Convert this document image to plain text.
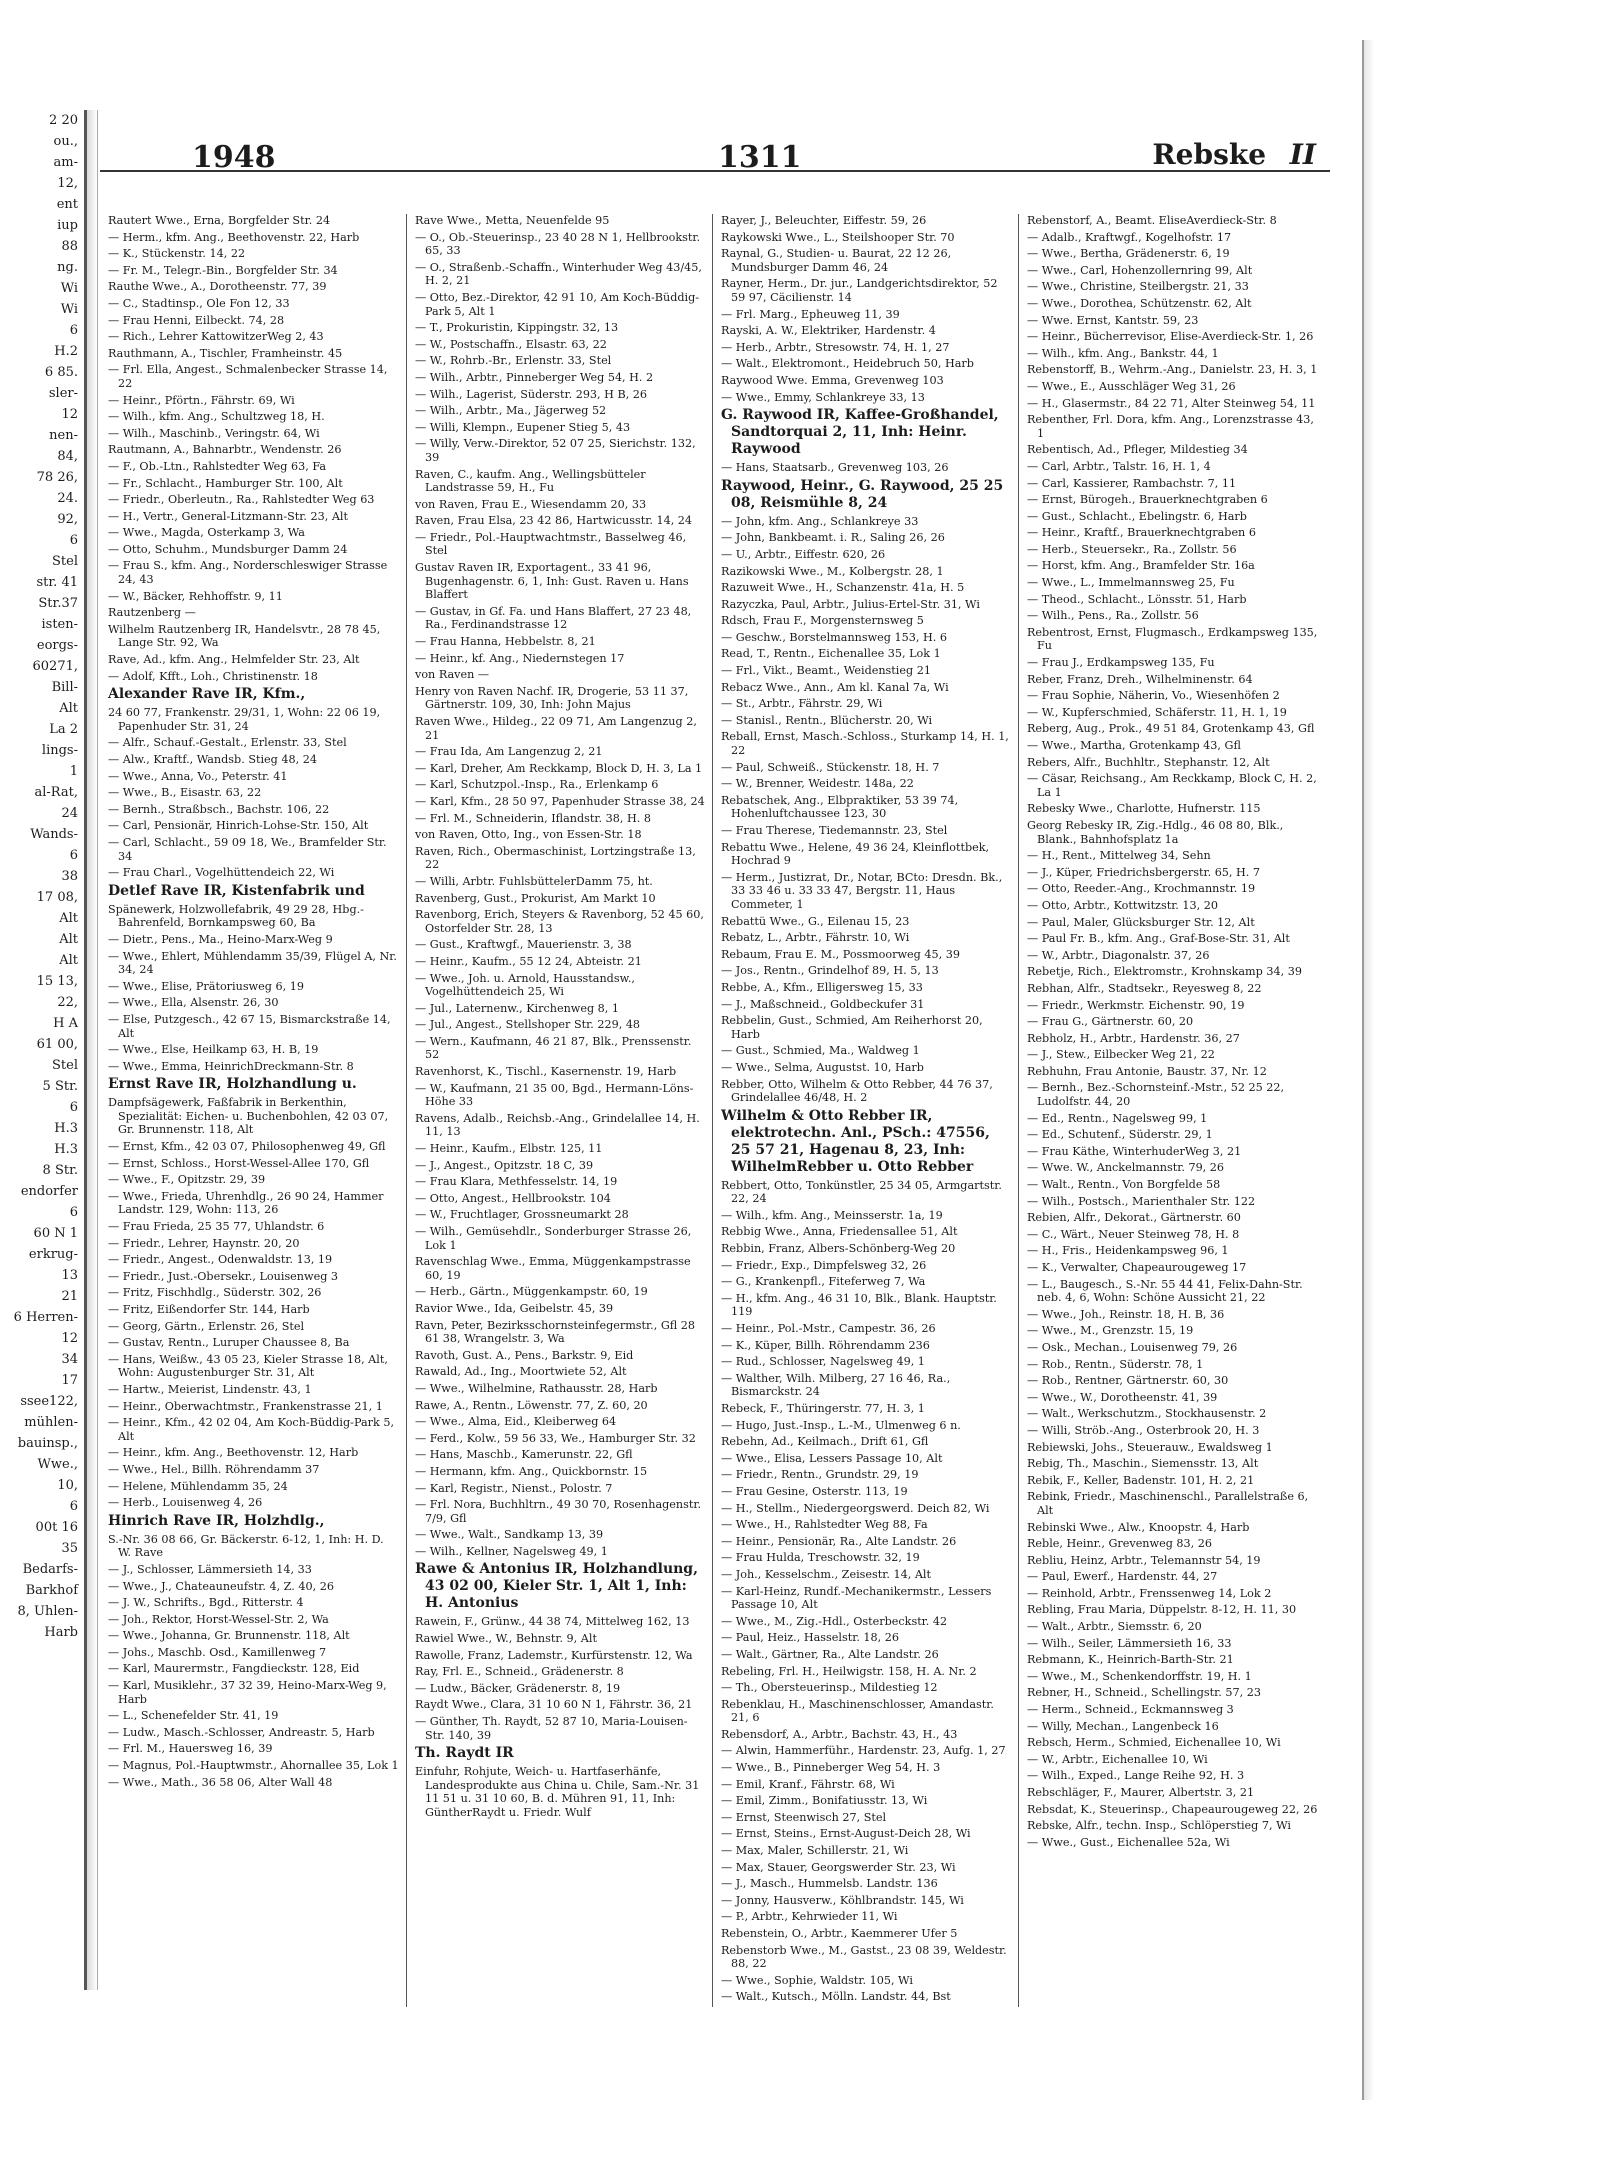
2 20
ou.,
am-
12,
ent
iup
88
ng.
Wi
Wi
6
H.2
6 85.
sler-
12
nen-
84,
78 26,
24.
92,
6
Stel
str. 41
Str.37
isten-
eorgs-
60271,
Bill-
Alt
La 2
lings-
1
al-Rat,
24
Wands-
6
38
17 08,
Alt
Alt
Alt
15 13,
22,
H A
61 00,
Stel
5 Str.
6
H.3
H.3
8 Str.
endorfer
6
60 N 1
erkrug-
13
21
6 Herren-
12
34
17
ssee122,
mühlen-
bauinsp.,
Wwe.,
10,
6
00t 16
35
Bedarfs-
Barkhof
8, Uhlen-
Harb
1948	1311	Rebske II
Rautert Wwe., Erna, Borgfelder Str. 24
— Herm., kfm. Ang., Beethovenstr. 22, Harb
— K., Stückenstr. 14, 22
— Fr. M., Telegr.-Bin., Borgfelder Str. 34
Rauthe Wwe., A., Dorotheenstr. 77, 39
— C., Stadtinsp., Ole Fon 12, 33
— Frau Henni, Eilbeckt. 74, 28
— Rich., Lehrer KattowitzerWeg 2, 43
Rauthmann, A., Tischler, Framheinstr. 45
— Frl. Ella, Angest., Schmalenbecker Strasse 14, 22
— Heinr., Pförtn., Fährstr. 69, Wi
— Wilh., kfm. Ang., Schultzweg 18, H.
— Wilh., Maschinb., Veringstr. 64, Wi
Rautmann, A., Bahnarbtr., Wendenstr. 26
— F., Ob.-Ltn., Rahlstedter Weg 63, Fa
— Fr., Schlacht., Hamburger Str. 100, Alt
— Friedr., Oberleutn., Ra., Rahlstedter Weg 63
— H., Vertr., General-Litzmann-Str. 23, Alt
— Wwe., Magda, Osterkamp 3, Wa
— Otto, Schuhm., Mundsburger Damm 24
— Frau S., kfm. Ang., Norderschleswiger Strasse 24, 43
— W., Bäcker, Rehhoffstr. 9, 11
Rautzenberg —
Wilhelm Rautzenberg IR, Handelsvtr., 28 78 45, Lange Str. 92, Wa
Rave, Ad., kfm. Ang., Helmfelder Str. 23, Alt
— Adolf, Kfft., Loh., Christinenstr. 18
Alexander Rave IR, Kfm.,
24 60 77, Frankenstr. 29/31, 1, Wohn: 22 06 19, Papenhuder Str. 31, 24
— Alfr., Schauf.-Gestalt., Erlenstr. 33, Stel
— Alw., Kraftf., Wandsb. Stieg 48, 24
— Wwe., Anna, Vo., Peterstr. 41
— Wwe., B., Eisastr. 63, 22
— Bernh., Straßbsch., Bachstr. 106, 22
— Carl, Pensionär, Hinrich-Lohse-Str. 150, Alt
— Carl, Schlacht., 59 09 18, We., Bramfelder Str. 34
— Frau Charl., Vogelhüttendeich 22, Wi
Detlef Rave IR, Kistenfabrik und
Spänewerk, Holzwollefabrik, 49 29 28, Hbg.-Bahrenfeld, Bornkampsweg 60, Ba
— Dietr., Pens., Ma., Heino-Marx-Weg 9
— Wwe., Ehlert, Mühlendamm 35/39, Flügel A, Nr. 34, 24
— Wwe., Elise, Prätoriusweg 6, 19
— Wwe., Ella, Alsenstr. 26, 30
— Else, Putzgesch., 42 67 15, Bismarckstraße 14, Alt
— Wwe., Else, Heilkamp 63, H. B, 19
— Wwe., Emma, HeinrichDreckmann-Str. 8
Ernst Rave IR, Holzhandlung u.
Dampfsägewerk, Faßfabrik in Berkenthin, Spezialität: Eichen- u. Buchenbohlen, 42 03 07, Gr. Brunnenstr. 118, Alt
— Ernst, Kfm., 42 03 07, Philosophenweg 49, Gfl
— Ernst, Schloss., Horst-Wessel-Allee 170, Gfl
— Wwe., F., Opitzstr. 29, 39
— Wwe., Frieda, Uhrenhdlg., 26 90 24, Hammer Landstr. 129, Wohn: 113, 26
— Frau Frieda, 25 35 77, Uhlandstr. 6
— Friedr., Lehrer, Haynstr. 20, 20
— Friedr., Angest., Odenwaldstr. 13, 19
— Friedr., Just.-Obersekr., Louisenweg 3
— Fritz, Fischhdlg., Süderstr. 302, 26
— Fritz, Eißendorfer Str. 144, Harb
— Georg, Gärtn., Erlenstr. 26, Stel
— Gustav, Rentn., Luruper Chaussee 8, Ba
— Hans, Weißw., 43 05 23, Kieler Strasse 18, Alt, Wohn: Augustenburger Str. 31, Alt
— Hartw., Meierist, Lindenstr. 43, 1
— Heinr., Oberwachtmstr., Frankenstrasse 21, 1
— Heinr., Kfm., 42 02 04, Am Koch-Büddig-Park 5, Alt
— Heinr., kfm. Ang., Beethovenstr. 12, Harb
— Wwe., Hel., Billh. Röhrendamm 37
— Helene, Mühlendamm 35, 24
— Herb., Louisenweg 4, 26
Hinrich Rave IR, Holzhdlg.,
S.-Nr. 36 08 66, Gr. Bäckerstr. 6-12, 1, Inh: H. D. W. Rave
— J., Schlosser, Lämmersieth 14, 33
— Wwe., J., Chateauneufstr. 4, Z. 40, 26
— J. W., Schrifts., Bgd., Ritterstr. 4
— Joh., Rektor, Horst-Wessel-Str. 2, Wa
— Wwe., Johanna, Gr. Brunnenstr. 118, Alt
— Johs., Maschb. Osd., Kamillenweg 7
— Karl, Maurermstr., Fangdieckstr. 128, Eid
— Karl, Musiklehr., 37 32 39, Heino-Marx-Weg 9, Harb
— L., Schenefelder Str. 41, 19
— Ludw., Masch.-Schlosser, Andreastr. 5, Harb
— Frl. M., Hauersweg 16, 39
— Magnus, Pol.-Hauptwmstr., Ahornallee 35, Lok 1
— Wwe., Math., 36 58 06, Alter Wall 48
Rave Wwe., Metta, Neuenfelde 95
— O., Ob.-Steuerinsp., 23 40 28 N 1, Hellbrookstr. 65, 33
— O., Straßenb.-Schaffn., Winterhuder Weg 43/45, H. 2, 21
— Otto, Bez.-Direktor, 42 91 10, Am Koch-Büddig-Park 5, Alt 1
— T., Prokuristin, Kippingstr. 32, 13
— W., Postschaffn., Elsastr. 63, 22
— W., Rohrb.-Br., Erlenstr. 33, Stel
— Wilh., Arbtr., Pinneberger Weg 54, H. 2
— Wilh., Lagerist, Süderstr. 293, H B, 26
— Wilh., Arbtr., Ma., Jägerweg 52
— Willi, Klempn., Eupener Stieg 5, 43
— Willy, Verw.-Direktor, 52 07 25, Sierichstr. 132, 39
Raven, C., kaufm. Ang., Wellingsbütteler Landstrasse 59, H., Fu
von Raven, Frau E., Wiesendamm 20, 33
Raven, Frau Elsa, 23 42 86, Hartwicusstr. 14, 24
— Friedr., Pol.-Hauptwachtmstr., Basselweg 46, Stel
Gustav Raven IR, Exportagent., 33 41 96, Bugenhagenstr. 6, 1, Inh: Gust. Raven u. Hans Blaffert
— Gustav, in Gf. Fa. und Hans Blaffert, 27 23 48, Ra., Ferdinandstrasse 12
— Frau Hanna, Hebbelstr. 8, 21
— Heinr., kf. Ang., Niedernstegen 17
von Raven —
Henry von Raven Nachf. IR, Drogerie, 53 11 37, Gärtnerstr. 109, 30, Inh: John Majus
Raven Wwe., Hildeg., 22 09 71, Am Langenzug 2, 21
— Frau Ida, Am Langenzug 2, 21
— Karl, Dreher, Am Reckkamp, Block D, H. 3, La 1
— Karl, Schutzpol.-Insp., Ra., Erlenkamp 6
— Karl, Kfm., 28 50 97, Papenhuder Strasse 38, 24
— Frl. M., Schneiderin, Iflandstr. 38, H. 8
von Raven, Otto, Ing., von Essen-Str. 18
Raven, Rich., Obermaschinist, Lortzingstraße 13, 22
— Willi, Arbtr. FuhlsbüttelerDamm 75, ht.
Ravenberg, Gust., Prokurist, Am Markt 10
Ravenborg, Erich, Steyers & Ravenborg, 52 45 60, Ostorfelder Str. 28, 13
— Gust., Kraftwgf., Mauerienstr. 3, 38
— Heinr., Kaufm., 55 12 24, Abteistr. 21
— Wwe., Joh. u. Arnold, Hausstandsw., Vogelhüttendeich 25, Wi
— Jul., Laternenw., Kirchenweg 8, 1
— Jul., Angest., Stellshoper Str. 229, 48
— Wern., Kaufmann, 46 21 87, Blk., Prenssenstr. 52
Ravenhorst, K., Tischl., Kasernenstr. 19, Harb
— W., Kaufmann, 21 35 00, Bgd., Hermann-Löns-Höhe 33
Ravens, Adalb., Reichsb.-Ang., Grindelallee 14, H. 11, 13
— Heinr., Kaufm., Elbstr. 125, 11
— J., Angest., Opitzstr. 18 C, 39
— Frau Klara, Methfesselstr. 14, 19
— Otto, Angest., Hellbrookstr. 104
— W., Fruchtlager, Grossneumarkt 28
— Wilh., Gemüsehdlr., Sonderburger Strasse 26, Lok 1
Ravenschlag Wwe., Emma, Müggenkampstrasse 60, 19
— Herb., Gärtn., Müggenkampstr. 60, 19
Ravior Wwe., Ida, Geibelstr. 45, 39
Ravn, Peter, Bezirksschornsteinfegermstr., Gfl 28 61 38, Wrangelstr. 3, Wa
Ravoth, Gust. A., Pens., Barkstr. 9, Eid
Rawald, Ad., Ing., Moortwiete 52, Alt
— Wwe., Wilhelmine, Rathausstr. 28, Harb
Rawe, A., Rentn., Löwenstr. 77, Z. 60, 20
— Wwe., Alma, Eid., Kleiberweg 64
— Ferd., Kolw., 59 56 33, We., Hamburger Str. 32
— Hans, Maschb., Kamerunstr. 22, Gfl
— Hermann, kfm. Ang., Quickbornstr. 15
— Karl, Registr., Nienst., Polostr. 7
— Frl. Nora, Buchhltrn., 49 30 70, Rosenhagenstr. 7/9, Gfl
— Wwe., Walt., Sandkamp 13, 39
— Wilh., Kellner, Nagelsweg 49, 1
Rawe & Antonius IR, Holzhandlung, 43 02 00, Kieler Str. 1, Alt 1, Inh: H. Antonius
Rawein, F., Grünw., 44 38 74, Mittelweg 162, 13
Rawiel Wwe., W., Behnstr. 9, Alt
Rawolle, Franz, Lademstr., Kurfürstenstr. 12, Wa
Ray, Frl. E., Schneid., Grädenerstr. 8
— Ludw., Bäcker, Grädenerstr. 8, 19
Raydt Wwe., Clara, 31 10 60 N 1, Fährstr. 36, 21
— Günther, Th. Raydt, 52 87 10, Maria-Louisen-Str. 140, 39
Th. Raydt IR
Einfuhr, Rohjute, Weich- u. Hartfaserhänfe, Landesprodukte aus China u. Chile, Sam.-Nr. 31 11 51 u. 31 10 60, B. d. Mühren 91, 11, Inh: GüntherRaydt u. Friedr. Wulf
Rayer, J., Beleuchter, Eiffestr. 59, 26
Raykowski Wwe., L., Steilshooper Str. 70
Raynal, G., Studien- u. Baurat, 22 12 26, Mundsburger Damm 46, 24
Rayner, Herm., Dr. jur., Landgerichtsdirektor, 52 59 97, Cäcilienstr. 14
— Frl. Marg., Epheuweg 11, 39
Rayski, A. W., Elektriker, Hardenstr. 4
— Herb., Arbtr., Stresowstr. 74, H. 1, 27
— Walt., Elektromont., Heidebruch 50, Harb
Raywood Wwe. Emma, Grevenweg 103
— Wwe., Emmy, Schlankreye 33, 13
G. Raywood IR, Kaffee-Großhandel, Sandtorquai 2, 11, Inh: Heinr. Raywood
— Hans, Staatsarb., Grevenweg 103, 26
Raywood, Heinr., G. Raywood, 25 25 08, Reismühle 8, 24
— John, kfm. Ang., Schlankreye 33
— John, Bankbeamt. i. R., Saling 26, 26
— U., Arbtr., Eiffestr. 620, 26
Razikowski Wwe., M., Kolbergstr. 28, 1
Razuweit Wwe., H., Schanzenstr. 41a, H. 5
Razyczka, Paul, Arbtr., Julius-Ertel-Str. 31, Wi
Rdsch, Frau F., Morgensternsweg 5
— Geschw., Borstelmannsweg 153, H. 6
Read, T., Rentn., Eichenallee 35, Lok 1
— Frl., Vikt., Beamt., Weidenstieg 21
Rebacz Wwe., Ann., Am kl. Kanal 7a, Wi
— St., Arbtr., Fährstr. 29, Wi
— Stanisl., Rentn., Blücherstr. 20, Wi
Reball, Ernst, Masch.-Schloss., Sturkamp 14, H. 1, 22
— Paul, Schweiß., Stückenstr. 18, H. 7
— W., Brenner, Weidestr. 148a, 22
Rebatschek, Ang., Elbpraktiker, 53 39 74, Hohenluftchaussee 123, 30
— Frau Therese, Tiedemannstr. 23, Stel
Rebattu Wwe., Helene, 49 36 24, Kleinflottbek, Hochrad 9
— Herm., Justizrat, Dr., Notar, BCto: Dresdn. Bk., 33 33 46 u. 33 33 47, Bergstr. 11, Haus Commeter, 1
Rebattü Wwe., G., Eilenau 15, 23
Rebatz, L., Arbtr., Fährstr. 10, Wi
Rebaum, Frau E. M., Possmoorweg 45, 39
— Jos., Rentn., Grindelhof 89, H. 5, 13
Rebbe, A., Kfm., Elligersweg 15, 33
— J., Maßschneid., Goldbeckufer 31
Rebbelin, Gust., Schmied, Am Reiherhorst 20, Harb
— Gust., Schmied, Ma., Waldweg 1
— Wwe., Selma, Augustst. 10, Harb
Rebber, Otto, Wilhelm & Otto Rebber, 44 76 37, Grindelallee 46/48, H. 2
Wilhelm & Otto Rebber IR, elektrotechn. Anl., PSch.: 47556, 25 57 21, Hagenau 8, 23, Inh: WilhelmRebber u. Otto Rebber
Rebbert, Otto, Tonkünstler, 25 34 05, Armgartstr. 22, 24
— Wilh., kfm. Ang., Meinsserstr. 1a, 19
Rebbig Wwe., Anna, Friedensallee 51, Alt
Rebbin, Franz, Albers-Schönberg-Weg 20
— Friedr., Exp., Dimpfelsweg 32, 26
— G., Krankenpfl., Fiteferweg 7, Wa
— H., kfm. Ang., 46 31 10, Blk., Blank. Hauptstr. 119
— Heinr., Pol.-Mstr., Campestr. 36, 26
— K., Küper, Billh. Röhrendamm 236
— Rud., Schlosser, Nagelsweg 49, 1
— Walther, Wilh. Milberg, 27 16 46, Ra., Bismarckstr. 24
Rebeck, F., Thüringerstr. 77, H. 3, 1
— Hugo, Just.-Insp., L.-M., Ulmenweg 6 n.
Rebehn, Ad., Keilmach., Drift 61, Gfl
— Wwe., Elisa, Lessers Passage 10, Alt
— Friedr., Rentn., Grundstr. 29, 19
— Frau Gesine, Osterstr. 113, 19
— H., Stellm., Niedergeorgswerd. Deich 82, Wi
— Wwe., H., Rahlstedter Weg 88, Fa
— Heinr., Pensionär, Ra., Alte Landstr. 26
— Frau Hulda, Treschowstr. 32, 19
— Joh., Kesselschm., Zeisestr. 14, Alt
— Karl-Heinz, Rundf.-Mechanikermstr., Lessers Passage 10, Alt
— Wwe., M., Zig.-Hdl., Osterbeckstr. 42
— Paul, Heiz., Hasselstr. 18, 26
— Walt., Gärtner, Ra., Alte Landstr. 26
Rebeling, Frl. H., Heilwigstr. 158, H. A. Nr. 2
— Th., Obersteuerinsp., Mildestieg 12
Rebenklau, H., Maschinenschlosser, Amandastr. 21, 6
Rebensdorf, A., Arbtr., Bachstr. 43, H., 43
— Alwin, Hammerführ., Hardenstr. 23, Aufg. 1, 27
— Wwe., B., Pinneberger Weg 54, H. 3
— Emil, Kranf., Fährstr. 68, Wi
— Emil, Zimm., Bonifatiusstr. 13, Wi
— Ernst, Steenwisch 27, Stel
— Ernst, Steins., Ernst-August-Deich 28, Wi
— Max, Maler, Schillerstr. 21, Wi
— Max, Stauer, Georgswerder Str. 23, Wi
— J., Masch., Hummelsb. Landstr. 136
— Jonny, Hausverw., Köhlbrandstr. 145, Wi
— P., Arbtr., Kehrwieder 11, Wi
Rebenstein, O., Arbtr., Kaemmerer Ufer 5
Rebenstorb Wwe., M., Gastst., 23 08 39, Weldestr. 88, 22
— Wwe., Sophie, Waldstr. 105, Wi
— Walt., Kutsch., Mölln. Landstr. 44, Bst
Rebenstorf, A., Beamt. EliseAverdieck-Str. 8
— Adalb., Kraftwgf., Kogelhofstr. 17
— Wwe., Bertha, Grädenerstr. 6, 19
— Wwe., Carl, Hohenzollernring 99, Alt
— Wwe., Christine, Steilbergstr. 21, 33
— Wwe., Dorothea, Schützenstr. 62, Alt
— Wwe. Ernst, Kantstr. 59, 23
— Heinr., Bücherrevisor, Elise-Averdieck-Str. 1, 26
— Wilh., kfm. Ang., Bankstr. 44, 1
Rebenstorff, B., Wehrm.-Ang., Danielstr. 23, H. 3, 1
— Wwe., E., Ausschläger Weg 31, 26
— H., Glasermstr., 84 22 71, Alter Steinweg 54, 11
Rebenther, Frl. Dora, kfm. Ang., Lorenzstrasse 43, 1
Rebentisch, Ad., Pfleger, Mildestieg 34
— Carl, Arbtr., Talstr. 16, H. 1, 4
— Carl, Kassierer, Rambachstr. 7, 11
— Ernst, Bürogeh., Brauerknechtgraben 6
— Gust., Schlacht., Ebelingstr. 6, Harb
— Heinr., Kraftf., Brauerknechtgraben 6
— Herb., Steuersekr., Ra., Zollstr. 56
— Horst, kfm. Ang., Bramfelder Str. 16a
— Wwe., L., Immelmannsweg 25, Fu
— Theod., Schlacht., Lönsstr. 51, Harb
— Wilh., Pens., Ra., Zollstr. 56
Rebentrost, Ernst, Flugmasch., Erdkampsweg 135, Fu
— Frau J., Erdkampsweg 135, Fu
Reber, Franz, Dreh., Wilhelminenstr. 64
— Frau Sophie, Näherin, Vo., Wiesenhöfen 2
— W., Kupferschmied, Schäferstr. 11, H. 1, 19
Reberg, Aug., Prok., 49 51 84, Grotenkamp 43, Gfl
— Wwe., Martha, Grotenkamp 43, Gfl
Rebers, Alfr., Buchhltr., Stephanstr. 12, Alt
— Cäsar, Reichsang., Am Reckkamp, Block C, H. 2, La 1
Rebesky Wwe., Charlotte, Hufnerstr. 115
Georg Rebesky IR, Zig.-Hdlg., 46 08 80, Blk., Blank., Bahnhofsplatz 1a
— H., Rent., Mittelweg 34, Sehn
— J., Küper, Friedrichsbergerstr. 65, H. 7
— Otto, Reeder.-Ang., Krochmannstr. 19
— Otto, Arbtr., Kottwitzstr. 13, 20
— Paul, Maler, Glücksburger Str. 12, Alt
— Paul Fr. B., kfm. Ang., Graf-Bose-Str. 31, Alt
— W., Arbtr., Diagonalstr. 37, 26
Rebetje, Rich., Elektromstr., Krohnskamp 34, 39
Rebhan, Alfr., Stadtsekr., Reyesweg 8, 22
— Friedr., Werkmstr. Eichenstr. 90, 19
— Frau G., Gärtnerstr. 60, 20
Rebholz, H., Arbtr., Hardenstr. 36, 27
— J., Stew., Eilbecker Weg 21, 22
Rebhuhn, Frau Antonie, Baustr. 37, Nr. 12
— Bernh., Bez.-Schornsteinf.-Mstr., 52 25 22, Ludolfstr. 44, 20
— Ed., Rentn., Nagelsweg 99, 1
— Ed., Schutenf., Süderstr. 29, 1
— Frau Käthe, WinterhuderWeg 3, 21
— Wwe. W., Anckelmannstr. 79, 26
— Walt., Rentn., Von Borgfelde 58
— Wilh., Postsch., Marienthaler Str. 122
Rebien, Alfr., Dekorat., Gärtnerstr. 60
— C., Wärt., Neuer Steinweg 78, H. 8
— H., Fris., Heidenkampsweg 96, 1
— K., Verwalter, Chapeaurougeweg 17
— L., Baugesch., S.-Nr. 55 44 41, Felix-Dahn-Str. neb. 4, 6, Wohn: Schöne Aussicht 21, 22
— Wwe., Joh., Reinstr. 18, H. B, 36
— Wwe., M., Grenzstr. 15, 19
— Osk., Mechan., Louisenweg 79, 26
— Rob., Rentn., Süderstr. 78, 1
— Rob., Rentner, Gärtnerstr. 60, 30
— Wwe., W., Dorotheenstr. 41, 39
— Walt., Werkschutzm., Stockhausenstr. 2
— Willi, Ströb.-Ang., Osterbrook 20, H. 3
Rebiewski, Johs., Steuerauw., Ewaldsweg 1
Rebig, Th., Maschin., Siemensstr. 13, Alt
Rebik, F., Keller, Badenstr. 101, H. 2, 21
Rebink, Friedr., Maschinenschl., Parallelstraße 6, Alt
Rebinski Wwe., Alw., Knoopstr. 4, Harb
Reble, Heinr., Grevenweg 83, 26
Rebliu, Heinz, Arbtr., Telemannstr 54, 19
— Paul, Ewerf., Hardenstr. 44, 27
— Reinhold, Arbtr., Frenssenweg 14, Lok 2
Rebling, Frau Maria, Düppelstr. 8-12, H. 11, 30
— Walt., Arbtr., Siemsstr. 6, 20
— Wilh., Seiler, Lämmersieth 16, 33
Rebmann, K., Heinrich-Barth-Str. 21
— Wwe., M., Schenkendorffstr. 19, H. 1
Rebner, H., Schneid., Schellingstr. 57, 23
— Herm., Schneid., Eckmannsweg 3
— Willy, Mechan., Langenbeck 16
Rebsch, Herm., Schmied, Eichenallee 10, Wi
— W., Arbtr., Eichenallee 10, Wi
— Wilh., Exped., Lange Reihe 92, H. 3
Rebschläger, F., Maurer, Albertstr. 3, 21
Rebsdat, K., Steuerinsp., Chapeaurougeweg 22, 26
Rebske, Alfr., techn. Insp., Schlöperstieg 7, Wi
— Wwe., Gust., Eichenallee 52a, Wi
